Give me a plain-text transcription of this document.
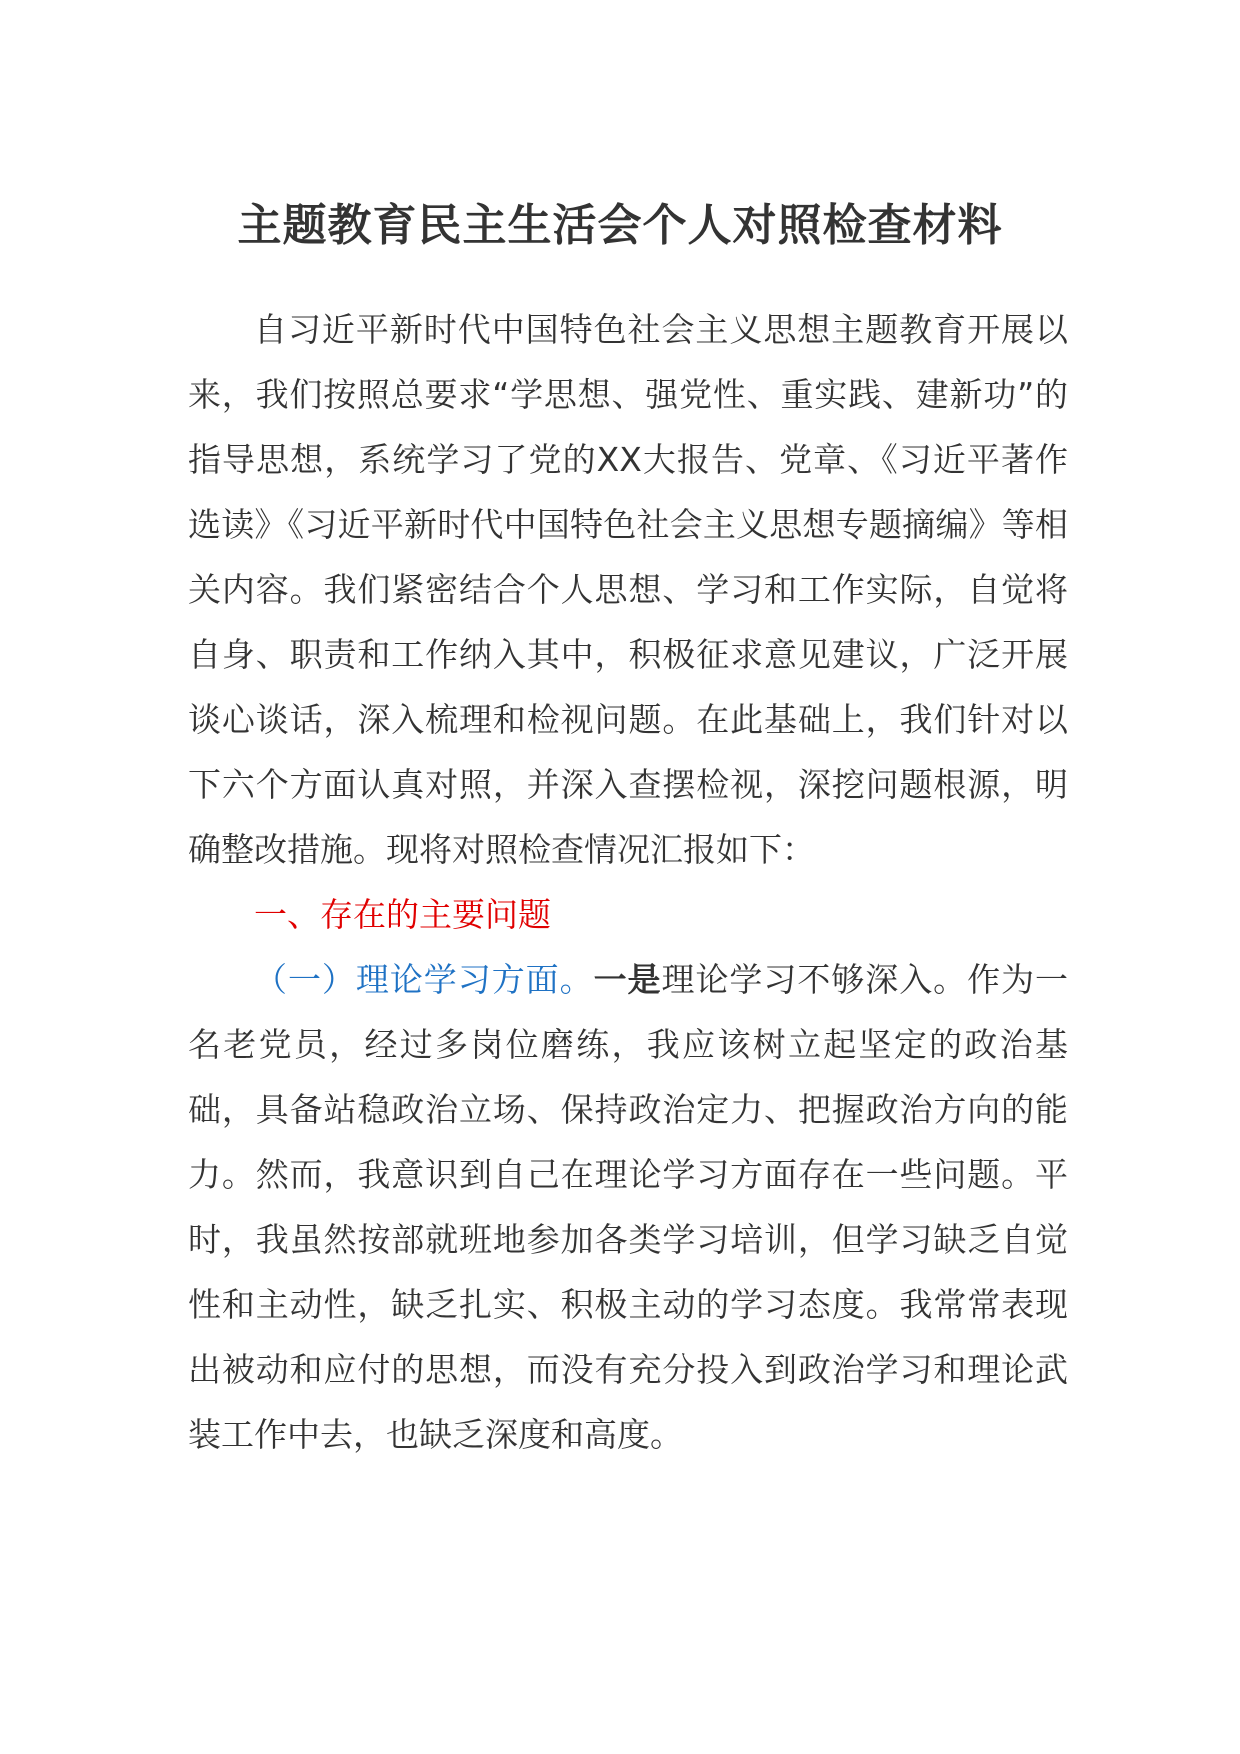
主题教育民主生活会个人对照检查材料

自习近平新时代中国特色社会主义思想主题教育开展以来，我们按照总要求“学思想、强党性、重实践、建新功”的指导思想，系统学习了党的XX大报告、党章、《习近平著作选读》《习近平新时代中国特色社会主义思想专题摘编》等相关内容。我们紧密结合个人思想、学习和工作实际，自觉将自身、职责和工作纳入其中，积极征求意见建议，广泛开展谈心谈话，深入梳理和检视问题。在此基础上，我们针对以下六个方面认真对照，并深入查摆检视，深挖问题根源，明确整改措施。现将对照检查情况汇报如下：

一、存在的主要问题

（一）理论学习方面。一是理论学习不够深入。作为一名老党员，经过多岗位磨练，我应该树立起坚定的政治基础，具备站稳政治立场、保持政治定力、把握政治方向的能力。然而，我意识到自己在理论学习方面存在一些问题。平时，我虽然按部就班地参加各类学习培训，但学习缺乏自觉性和主动性，缺乏扎实、积极主动的学习态度。我常常表现出被动和应付的思想，而没有充分投入到政治学习和理论武装工作中去，也缺乏深度和高度。
